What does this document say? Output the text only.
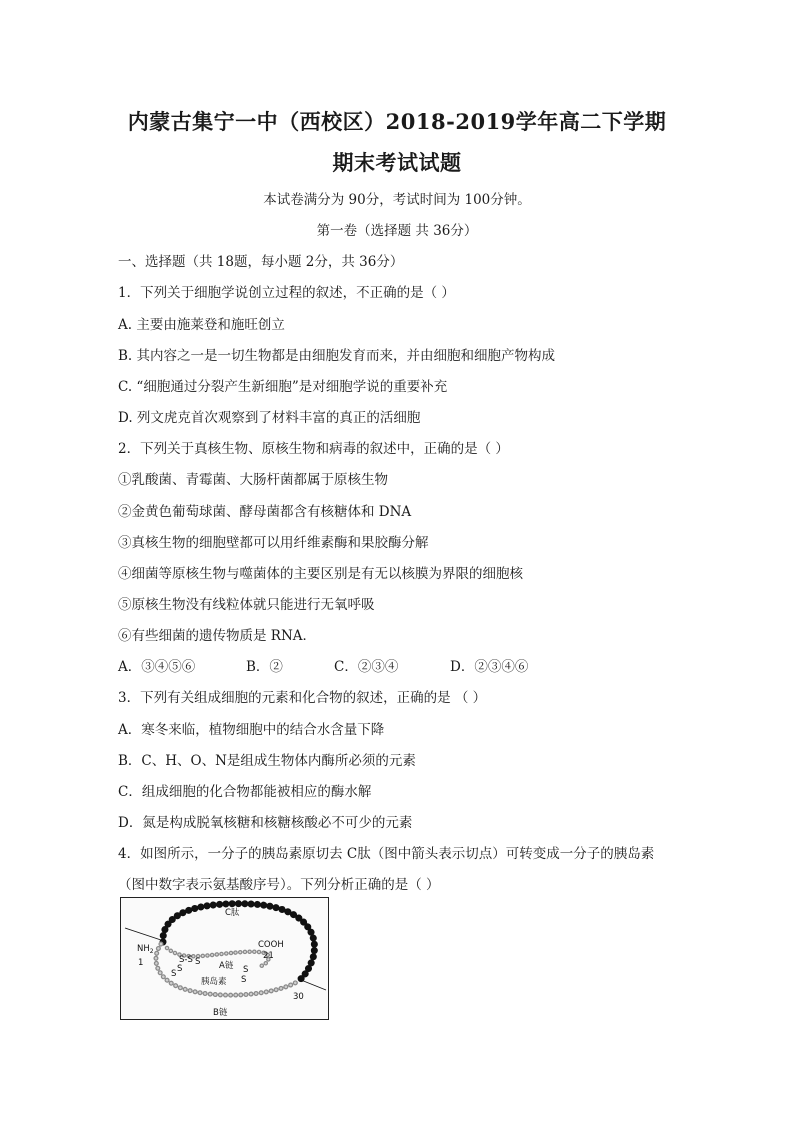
内蒙古集宁一中（西校区）2018-2019学年高二下学期
期末考试试题
本试卷满分为 90分，考试时间为 100分钟。
第一卷（选择题 共 36分）
一、选择题（共 18题，每小题 2分，共 36分）
1．下列关于细胞学说创立过程的叙述，不正确的是（ ）
A. 主要由施莱登和施旺创立
B. 其内容之一是一切生物都是由细胞发育而来，并由细胞和细胞产物构成
C. “细胞通过分裂产生新细胞”是对细胞学说的重要补充
D. 列文虎克首次观察到了材料丰富的真正的活细胞
2．下列关于真核生物、原核生物和病毒的叙述中，正确的是（ ）
①乳酸菌、青霉菌、大肠杆菌都属于原核生物
②金黄色葡萄球菌、酵母菌都含有核糖体和 DNA
③真核生物的细胞壁都可以用纤维素酶和果胶酶分解
④细菌等原核生物与噬菌体的主要区别是有无以核膜为界限的细胞核
⑤原核生物没有线粒体就只能进行无氧呼吸
⑥有些细菌的遗传物质是 RNA．
A．③④⑤⑥	B．②	C．②③④	D．②③④⑥
3．下列有关组成细胞的元素和化合物的叙述，正确的是 （ ）
A．寒冬来临，植物细胞中的结合水含量下降
B．C、H、O、N是组成生物体内酶所必须的元素
C．组成细胞的化合物都能被相应的酶水解
D．氮是构成脱氧核糖和核糖核酸必不可少的元素
4．如图所示，一分子的胰岛素原切去 C肽（图中箭头表示切点）可转变成一分子的胰岛素
（图中数字表示氨基酸序号）。下列分析正确的是（ ）
C肽
$NH_2$
1
COOH
21
A链
胰岛素
30
B链
S-S
S S	S
S
S
